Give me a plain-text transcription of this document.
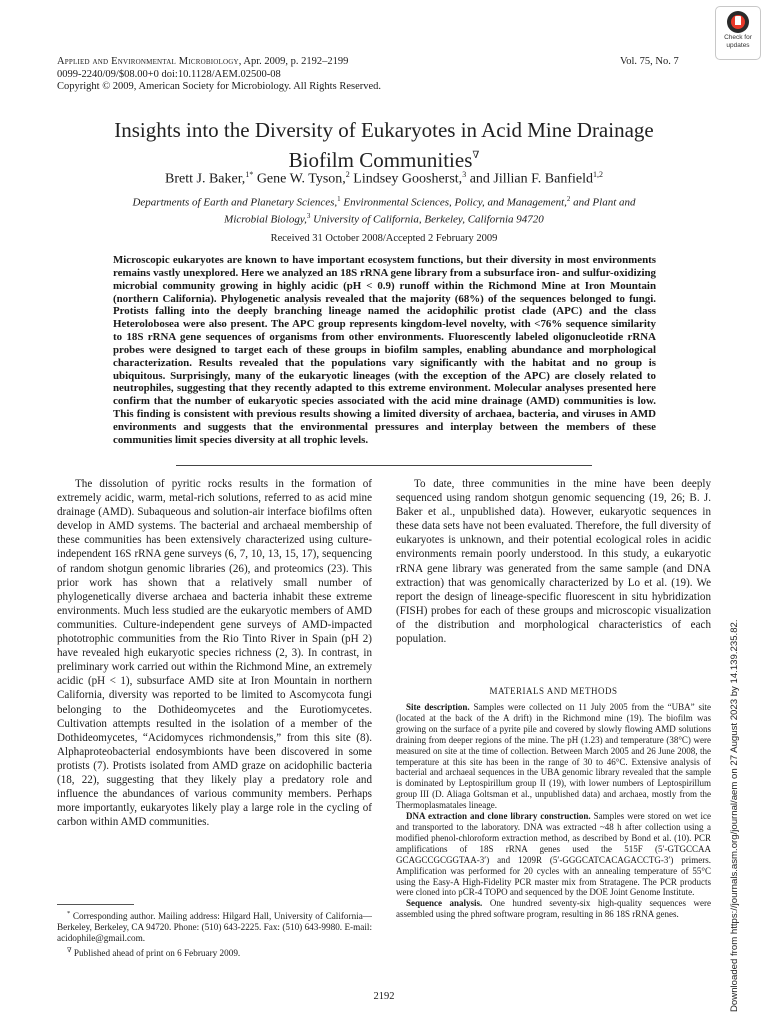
Check for
updates
Applied and Environmental Microbiology, Apr. 2009, p. 2192–2199
0099-2240/09/$08.00+0 doi:10.1128/AEM.02500-08
Copyright © 2009, American Society for Microbiology. All Rights Reserved.
Vol. 75, No. 7
Insights into the Diversity of Eukaryotes in Acid Mine Drainage
Biofilm Communities∇
Brett J. Baker,$^{1*}$ Gene W. Tyson,$^2$ Lindsey Goosherst,$^3$ and Jillian F. Banfield$^{1,2}$
Departments of Earth and Planetary Sciences,$^1$ Environmental Sciences, Policy, and Management,$^2$ and Plant and
Microbial Biology,$^3$ University of California, Berkeley, California 94720
Received 31 October 2008/Accepted 2 February 2009
Microscopic eukaryotes are known to have important ecosystem functions, but their diversity in most environments remains vastly unexplored. Here we analyzed an 18S rRNA gene library from a subsurface iron- and sulfur-oxidizing microbial community growing in highly acidic (pH < 0.9) runoff within the Richmond Mine at Iron Mountain (northern California). Phylogenetic analysis revealed that the majority (68%) of the sequences belonged to fungi. Protists falling into the deeply branching lineage named the acidophilic protist clade (APC) and the class Heterolobosea were also present. The APC group represents kingdom-level novelty, with <76% sequence similarity to 18S rRNA gene sequences of organisms from other environments. Fluorescently labeled oligonucleotide rRNA probes were designed to target each of these groups in biofilm samples, enabling abundance and morphological characterization. Results revealed that the populations vary significantly with the habitat and no group is ubiquitous. Surprisingly, many of the eukaryotic lineages (with the exception of the APC) are closely related to neutrophiles, suggesting that they recently adapted to this extreme environment. Molecular analyses presented here confirm that the number of eukaryotic species associated with the acid mine drainage (AMD) communities is low. This finding is consistent with previous results showing a limited diversity of archaea, bacteria, and viruses in AMD environments and suggests that the environmental pressures and interplay between the members of these communities limit species diversity at all trophic levels.
The dissolution of pyritic rocks results in the formation of extremely acidic, warm, metal-rich solutions, referred to as acid mine drainage (AMD). Subaqueous and solution-air interface biofilms often develop in AMD systems. The bacterial and archaeal membership of these communities has been extensively characterized using culture-independent 16S rRNA gene surveys (6, 7, 10, 13, 15, 17), sequencing of random shotgun genomic libraries (26), and proteomics (23). This prior work has shown that a relatively small number of phylogenetically diverse archaea and bacteria inhabit these extreme environments. Much less studied are the eukaryotic members of AMD communities. Culture-independent gene surveys of AMD-impacted phototrophic communities from the Rio Tinto River in Spain (pH 2) have revealed high eukaryotic species richness (2, 3). In contrast, in preliminary work carried out within the Richmond Mine, an extremely acidic (pH < 1), subsurface AMD site at Iron Mountain in northern California, diversity was reported to be limited to Ascomycota fungi belonging to the Dothideomycetes and the Eurotiomycetes. Cultivation attempts resulted in the isolation of a member of the Dothideomycetes, “Acidomyces richmondensis,” from this site (8). Alphaproteobacterial endosymbionts have been discovered in some protists (7). Protists isolated from AMD graze on acidophilic bacteria (18, 22), suggesting that they likely play a predatory role and influence the abundances of various community members. Perhaps more importantly, eukaryotes likely play a large role in the cycling of carbon within AMD communities.
To date, three communities in the mine have been deeply sequenced using random shotgun genomic sequencing (19, 26; B. J. Baker et al., unpublished data). However, eukaryotic sequences in these data sets have not been evaluated. Therefore, the full diversity of eukaryotes is unknown, and their potential ecological roles in acidic environments remain poorly understood. In this study, a eukaryotic rRNA gene library was generated from the same sample (and DNA extraction) that was genomically characterized by Lo et al. (19). We report the design of lineage-specific fluorescent in situ hybridization (FISH) probes for each of these groups and microscopic visualization of the distribution and morphological characteristics of each population.
MATERIALS AND METHODS

Site description. Samples were collected on 11 July 2005 from the “UBA” site (located at the back of the A drift) in the Richmond mine (19). The biofilm was growing on the surface of a pyrite pile and covered by slowly flowing AMD solutions draining from deeper regions of the mine. The pH (1.23) and temperature (38°C) were measured on site at the time of collection. Between March 2005 and 26 June 2008, the temperature at this site has been in the range of 30 to 46°C. Extensive analysis of bacterial and archaeal sequences in the UBA genomic library revealed that the sample is dominated by Leptospirillum group II (19), with lower numbers of Leptospirillum group III (D. Aliaga Goltsman et al., unpublished data) and archaea, mostly from the Thermoplasmatales lineage.

DNA extraction and clone library construction. Samples were stored on wet ice and transported to the laboratory. DNA was extracted ~48 h after collection using a modified phenol-chloroform extraction method, as described by Bond et al. (10). PCR amplifications of 18S rRNA genes used the 515F (5′-GTGCCAA GCAGCCGCGGTAA-3′) and 1209R (5′-GGGCATCACAGACCTG-3′) primers. Amplification was performed for 20 cycles with an annealing temperature of 55°C using the Easy-A High-Fidelity PCR master mix from Stratagene. The PCR products were cloned into pCR-4 TOPO and sequenced by the DOE Joint Genome Institute.

Sequence analysis. One hundred seventy-six high-quality sequences were assembled using the phred software program, resulting in 86 18S rRNA genes.

* Corresponding author. Mailing address: Hilgard Hall, University of California—Berkeley, Berkeley, CA 94720. Phone: (510) 643-2225. Fax: (510) 643-9980. E-mail: acidophile@gmail.com.

∇ Published ahead of print on 6 February 2009.

2192	Downloaded from https://journals.asm.org/journal/aem on 27 August 2023 by 14.139.235.82.
